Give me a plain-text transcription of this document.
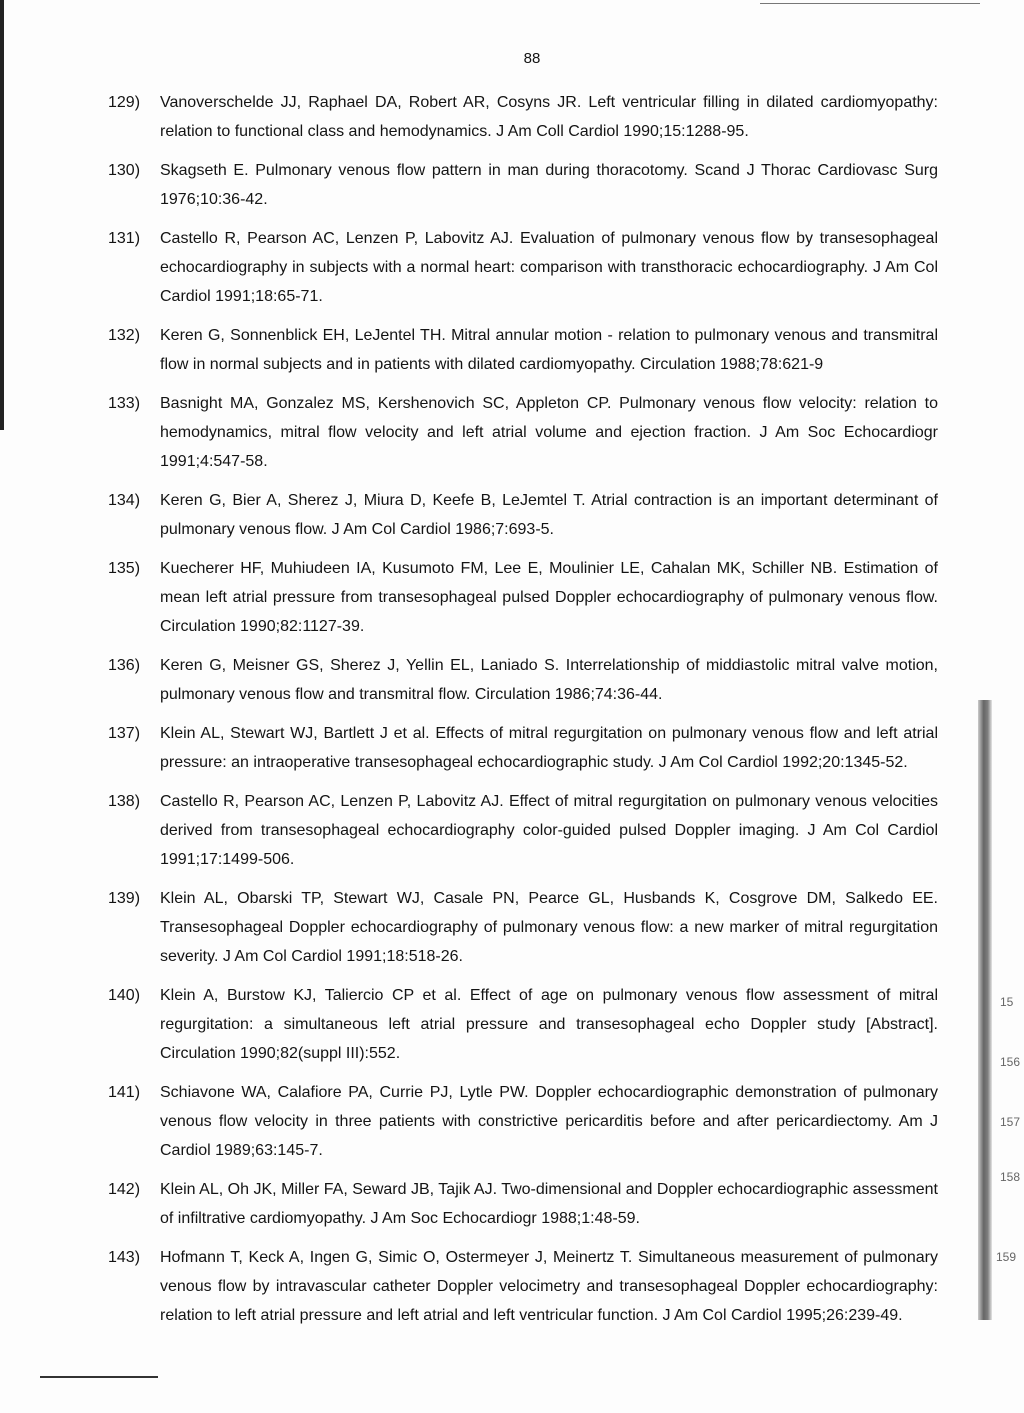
15
156
157
158
159
88
129) Vanoverschelde JJ, Raphael DA, Robert AR, Cosyns JR. Left ventricular filling in dilated cardiomyopathy: relation to functional class and hemodynamics. J Am Coll Cardiol 1990;15:1288-95.
130) Skagseth E. Pulmonary venous flow pattern in man during thoracotomy. Scand J Thorac Cardiovasc Surg 1976;10:36-42.
131) Castello R, Pearson AC, Lenzen P, Labovitz AJ. Evaluation of pulmonary venous flow by transesophageal echocardiography in subjects with a normal heart: comparison with transthoracic echocardiography. J Am Col Cardiol 1991;18:65-71.
132) Keren G, Sonnenblick EH, LeJentel TH. Mitral annular motion - relation to pulmonary venous and transmitral flow in normal subjects and in patients with dilated cardiomyopathy. Circulation 1988;78:621-9
133) Basnight MA, Gonzalez MS, Kershenovich SC, Appleton CP. Pulmonary venous flow velocity: relation to hemodynamics, mitral flow velocity and left atrial volume and ejection fraction. J Am Soc Echocardiogr 1991;4:547-58.
134) Keren G, Bier A, Sherez J, Miura D, Keefe B, LeJemtel T. Atrial contraction is an important determinant of pulmonary venous flow. J Am Col Cardiol 1986;7:693-5.
135) Kuecherer HF, Muhiudeen IA, Kusumoto FM, Lee E, Moulinier LE, Cahalan MK, Schiller NB. Estimation of mean left atrial pressure from transesophageal pulsed Doppler echocardiography of pulmonary venous flow. Circulation 1990;82:1127-39.
136) Keren G, Meisner GS, Sherez J, Yellin EL, Laniado S. Interrelationship of middiastolic mitral valve motion, pulmonary venous flow and transmitral flow. Circulation 1986;74:36-44.
137) Klein AL, Stewart WJ, Bartlett J et al. Effects of mitral regurgitation on pulmonary venous flow and left atrial pressure: an intraoperative transesophageal echocardiographic study. J Am Col Cardiol 1992;20:1345-52.
138) Castello R, Pearson AC, Lenzen P, Labovitz AJ. Effect of mitral regurgitation on pulmonary venous velocities derived from transesophageal echocardiography color-guided pulsed Doppler imaging. J Am Col Cardiol 1991;17:1499-506.
139) Klein AL, Obarski TP, Stewart WJ, Casale PN, Pearce GL, Husbands K, Cosgrove DM, Salkedo EE. Transesophageal Doppler echocardiography of pulmonary venous flow: a new marker of mitral regurgitation severity. J Am Col Cardiol 1991;18:518-26.
140) Klein A, Burstow KJ, Taliercio CP et al. Effect of age on pulmonary venous flow assessment of mitral regurgitation: a simultaneous left atrial pressure and transesophageal echo Doppler study [Abstract]. Circulation 1990;82(suppl III):552.
141) Schiavone WA, Calafiore PA, Currie PJ, Lytle PW. Doppler echocardiographic demonstration of pulmonary venous flow velocity in three patients with constrictive pericarditis before and after pericardiectomy. Am J Cardiol 1989;63:145-7.
142) Klein AL, Oh JK, Miller FA, Seward JB, Tajik AJ. Two-dimensional and Doppler echocardiographic assessment of infiltrative cardiomyopathy. J Am Soc Echocardiogr 1988;1:48-59.
143) Hofmann T, Keck A, Ingen G, Simic O, Ostermeyer J, Meinertz T. Simultaneous measurement of pulmonary venous flow by intravascular catheter Doppler velocimetry and transesophageal Doppler echocardiography: relation to left atrial pressure and left atrial and left ventricular function. J Am Col Cardiol 1995;26:239-49.
